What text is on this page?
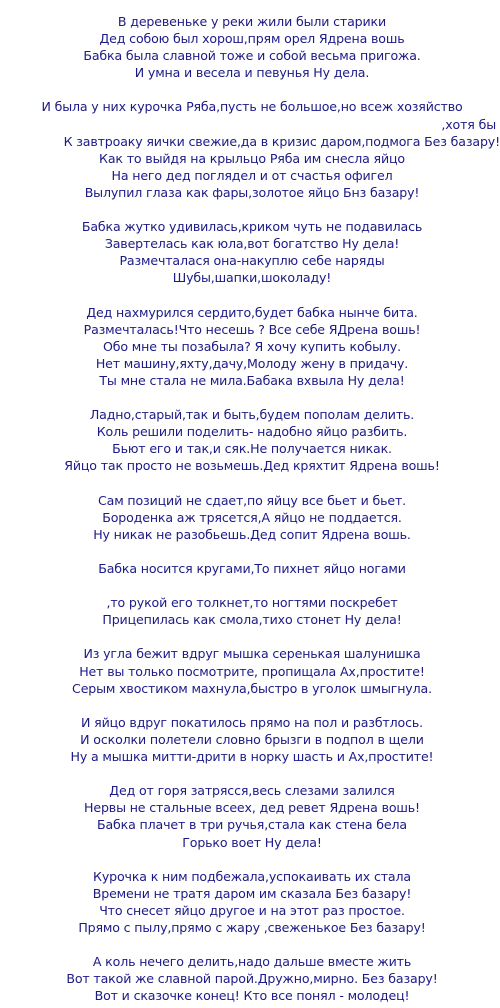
В деревеньке у реки жили были старики
Дед собою был хорош,прям орел Ядрена вошь
Бабка была славной тоже и собой весьма пригожа.
И умна и весела и певунья Ну дела.
И была у них курочка Ряба,пусть не большое,но всеж хозяйство
,хотя бы
К завтроаку яички свежие,да в кризис даром,подмога Без базару!
Как то выйдя на крыльцо Ряба им снесла яйцо
На него дед поглядел и от счастья офигел
Вылупил глаза как фары,золотое яйцо Бнз базару!
Бабка жутко удивилась,криком чуть не подавилась
Завертелась как юла,вот богатство Ну дела!
Размечталася она-накуплю себе наряды
Шубы,шапки,шоколаду!
Дед нахмурился сердито,будет бабка нынче бита.
Размечталась!Что несешь ? Все себе ЯДрена вошь!
Обо мне ты позабыла? Я хочу купить кобылу.
Нет машину,яхту,дачу,Молоду жену в придачу.
Ты мне стала не мила.Бабака вхвыла Ну дела!
Ладно,старый,так и быть,будем пополам делить.
Коль решили поделить- надобно яйцо разбить.
Бьют его и так,и сяк.Не получается никак.
Яйцо так просто не возьмешь.Дед кряхтит Ядрена вошь!
Сам позиций не сдает,по яйцу все бьет и бьет.
Бороденка аж трясется,А яйцо не поддается.
Ну никак не разобьешь.Дед сопит Ядрена вошь.
Бабка носится кругами,То пихнет яйцо ногами
,то рукой его толкнет,то ногтями поскребет
Прицепилась как смола,тихо стонет Ну дела!
Из угла бежит вдруг мышка серенькая шалунишка
Нет вы только посмотрите, пропищала Ах,простите!
Серым хвостиком махнула,быстро в уголок шмыгнула.
И яйцо вдруг покатилось прямо на пол и разбтлось.
И осколки полетели словно брызги в подпол в щели
Ну а мышка митти-дрити в норку шасть и Ах,простите!
Дед от горя затрясся,весь слезами залился
Нервы не стальные всеех, дед ревет Ядрена вошь!
Бабка плачет в три ручья,стала как стена бела
Горько воет Ну дела!
Курочка к ним подбежала,успокаивать их стала
Времени не тратя даром им сказала Без базару!
Что снесет яйцо другое и на этот раз простое.
Прямо с пылу,прямо с жару ,свеженькое Без базару!
А коль нечего делить,надо дальше вместе жить
Вот такой же славной парой.Дружно,мирно. Без базару!
Вот и сказочке конец! Кто все понял - молодец!
